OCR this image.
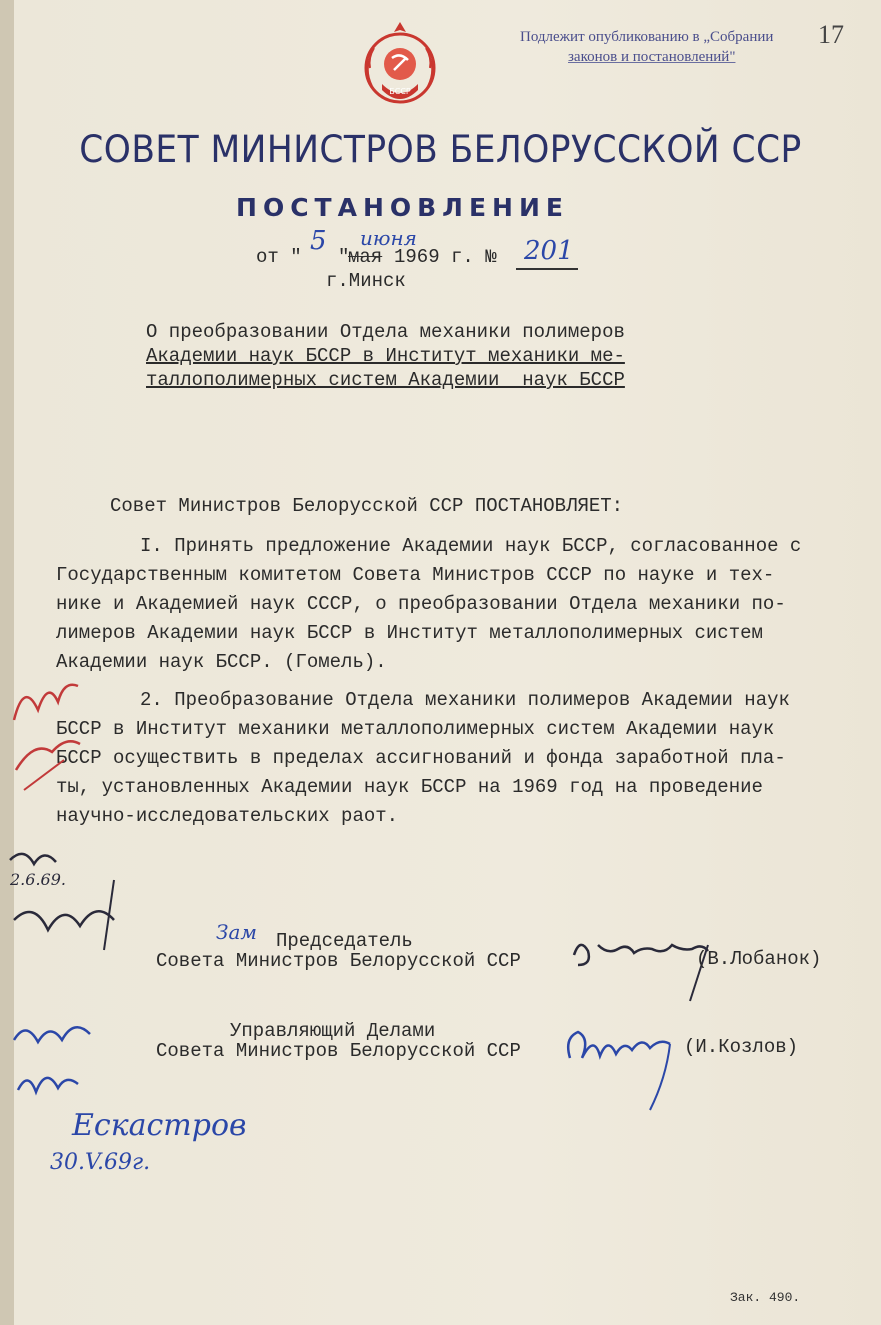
Подлежит опубликованию в „Собрании
законов и постановлений"
17
БССР
СОВЕТ МИНИСТРОВ БЕЛОРУССКОЙ ССР
ПОСТАНОВЛЕНИЕ
от "
5
"
июня
мая 1969 г. № 201
г.Минск
О преобразовании Отдела механики полимеров
Академии наук БССР в Институт механики ме-
таллополимерных систем Академии  наук БССР
Совет Министров Белорусской ССР ПОСТАНОВЛЯЕТ:
I. Принять предложение Академии наук БССР, согласованное с
Государственным комитетом Совета Министров СССР по науке и тех-
нике и Академией наук СССР, о преобразовании Отдела механики по-
лимеров Академии наук БССР в Институт металлополимерных систем
Академии наук БССР. (Гомель).
2. Преобразование Отдела механики полимеров Академии наук
БССР в Институт механики металлополимерных систем Академии наук
БССР осуществить в пределах ассигнований и фонда заработной пла-
ты, установленных Академии наук БССР на 1969 год на проведение
научно-исследовательских раот.
Зам Председатель
Совета Министров Белорусской ССР	(В.Лобанок)
Управляющий Делами
Совета Министров Белорусской ССР	(И.Козлов)
2.6.69.
Ескастров
30.V.69г.
Зак. 490.
